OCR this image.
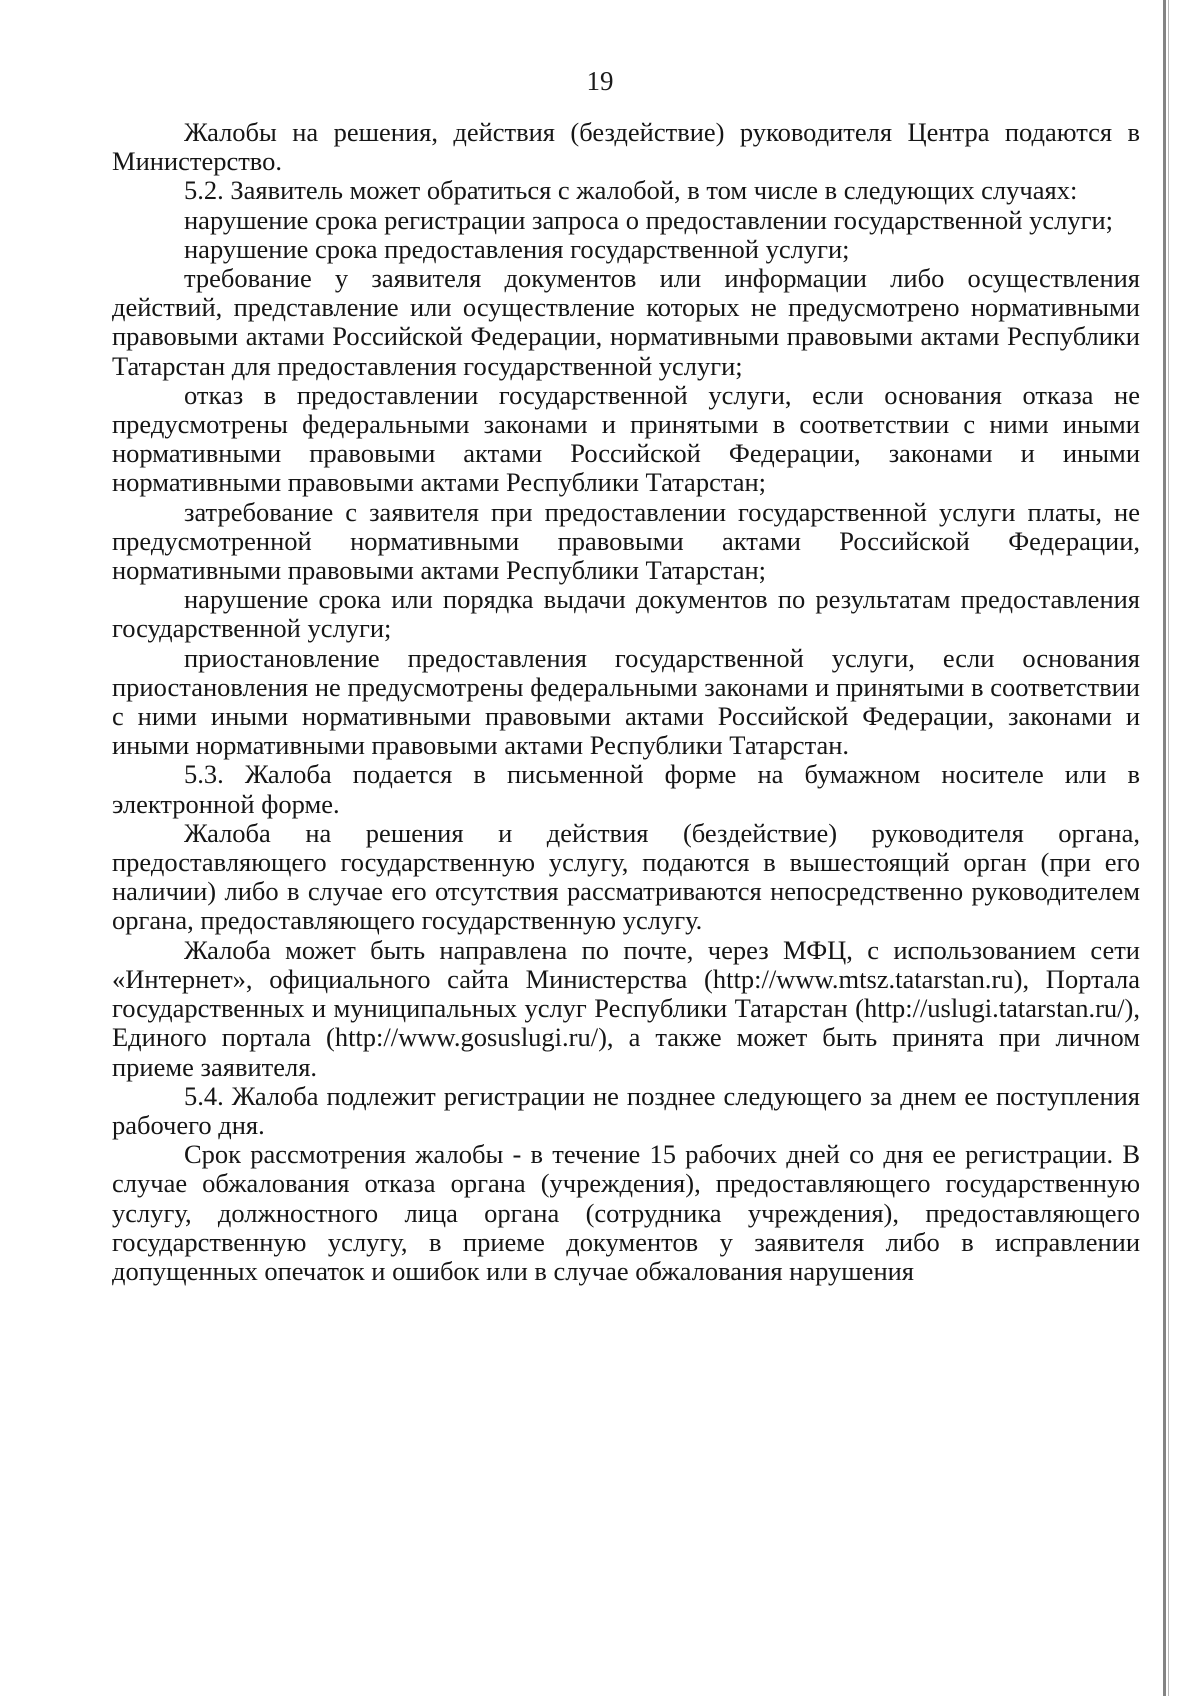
19

Жалобы на решения, действия (бездействие) руководителя Центра подаются в Министерство.

5.2. Заявитель может обратиться с жалобой, в том числе в следующих случаях:

нарушение срока регистрации запроса о предоставлении государственной услуги;

нарушение срока предоставления государственной услуги;

требование у заявителя документов или информации либо осуществления действий, представление или осуществление которых не предусмотрено нормативными правовыми актами Российской Федерации, нормативными правовыми актами Республики Татарстан для предоставления государственной услуги;

отказ в предоставлении государственной услуги, если основания отказа не предусмотрены федеральными законами и принятыми в соответствии с ними иными нормативными правовыми актами Российской Федерации, законами и иными нормативными правовыми актами Республики Татарстан;

затребование с заявителя при предоставлении государственной услуги платы, не предусмотренной нормативными правовыми актами Российской Федерации, нормативными правовыми актами Республики Татарстан;

нарушение срока или порядка выдачи документов по результатам предоставления государственной услуги;

приостановление предоставления государственной услуги, если основания приостановления не предусмотрены федеральными законами и принятыми в соответствии с ними иными нормативными правовыми актами Российской Федерации, законами и иными нормативными правовыми актами Республики Татарстан.

5.3. Жалоба подается в письменной форме на бумажном носителе или в электронной форме.

Жалоба на решения и действия (бездействие) руководителя органа, предоставляющего государственную услугу, подаются в вышестоящий орган (при его наличии) либо в случае его отсутствия рассматриваются непосредственно руководителем органа, предоставляющего государственную услугу.

Жалоба может быть направлена по почте, через МФЦ, с использованием сети «Интернет», официального сайта Министерства (http://www.mtsz.tatarstan.ru), Портала государственных и муниципальных услуг Республики Татарстан (http://uslugi.tatarstan.ru/), Единого портала (http://www.gosuslugi.ru/), а также может быть принята при личном приеме заявителя.

5.4. Жалоба подлежит регистрации не позднее следующего за днем ее поступления рабочего дня.

Срок рассмотрения жалобы - в течение 15 рабочих дней со дня ее регистрации. В случае обжалования отказа органа (учреждения), предоставляющего государственную услугу, должностного лица органа (сотрудника учреждения), предоставляющего государственную услугу, в приеме документов у заявителя либо в исправлении допущенных опечаток и ошибок или в случае обжалования нарушения
